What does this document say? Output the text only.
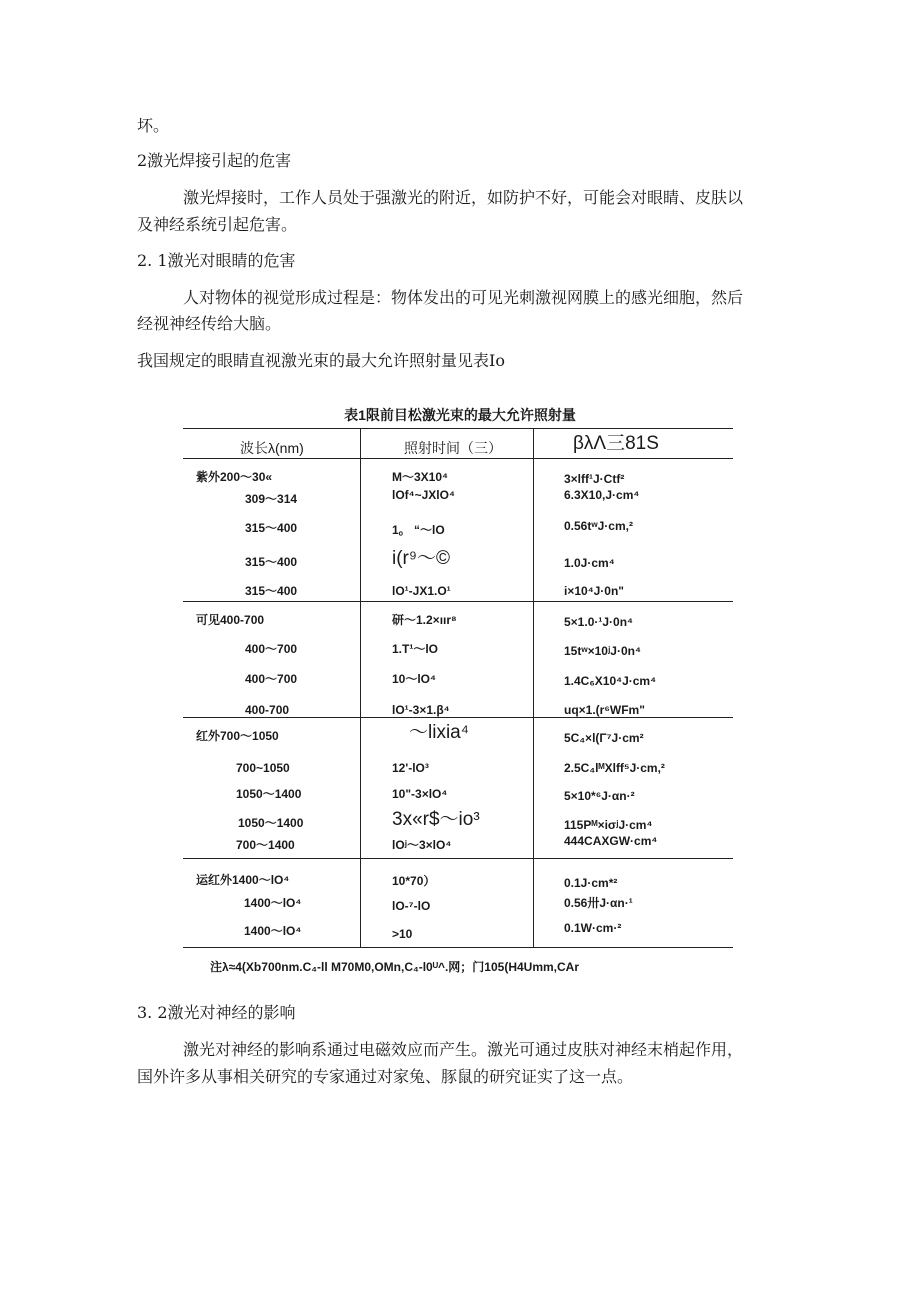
坏。
2激光焊接引起的危害
激光焊接时，工作人员处于强激光的附近，如防护不好，可能会对眼睛、皮肤以
及神经系统引起危害。
2. 1激光对眼睛的危害
人对物体的视觉形成过程是：物体发出的可见光刺激视网膜上的感光细胞，然后
经视神经传给大脑。
我国规定的眼睛直视激光束的最大允许照射量见表Io
表1限前目松激光束的最大允许照射量
波长λ(nm)	照射时间（三）	βλΛ三81S
紫外200～30«	M～3X10⁴	3×lff¹J·Ctf²
309～314	lOf⁴~JXlO⁴	6.3X10,J·cm⁴
315～400	1。 “～lO	0.56tʷJ·cm,²
315～400	i(r⁹～©	1.0J·cm⁴
315～400	lO¹-JX1.O¹	i×10⁴J·0n"
可见400-700	研～1.2×ıır⁸	5×1.0·¹J·0n⁴
400～700	1.T¹～lO	15tʷ×10ʲJ·0n⁴
400～700	10～lO⁴	1.4C₆X10⁴J·cm⁴
400-700	lO¹-3×1.β⁴	uq×1.(r⁶WFm"
红外700～1050	～lixia⁴	5C₄×l(Γ⁷J·cm²
700~1050	12'-lO³	2.5C₄lᴹXlff⁵J·cm,²
1050～1400	10"-3×lO⁴	5×10*⁶J·αn·²
1050～1400	3x«r$～io³	115Pᴹ×iσʲJ·cm⁴
700～1400	lOʲ～3×lO⁴	444CAXGW·cm⁴
运红外1400～lO⁴	10*70）	0.1J·cm*²
1400～lO⁴	lO-⁷-lO	0.56卅J·αn·¹
1400～lO⁴	>10	0.1W·cm·²
注λ≈4(Xb700nm.C₄-ll M70M0,OMn,C₄-l0ᵁ^.网；门105(H4Umm,CAr
3. 2激光对神经的影响
激光对神经的影响系通过电磁效应而产生。激光可通过皮肤对神经末梢起作用，
国外许多从事相关研究的专家通过对家兔、豚鼠的研究证实了这一点。
